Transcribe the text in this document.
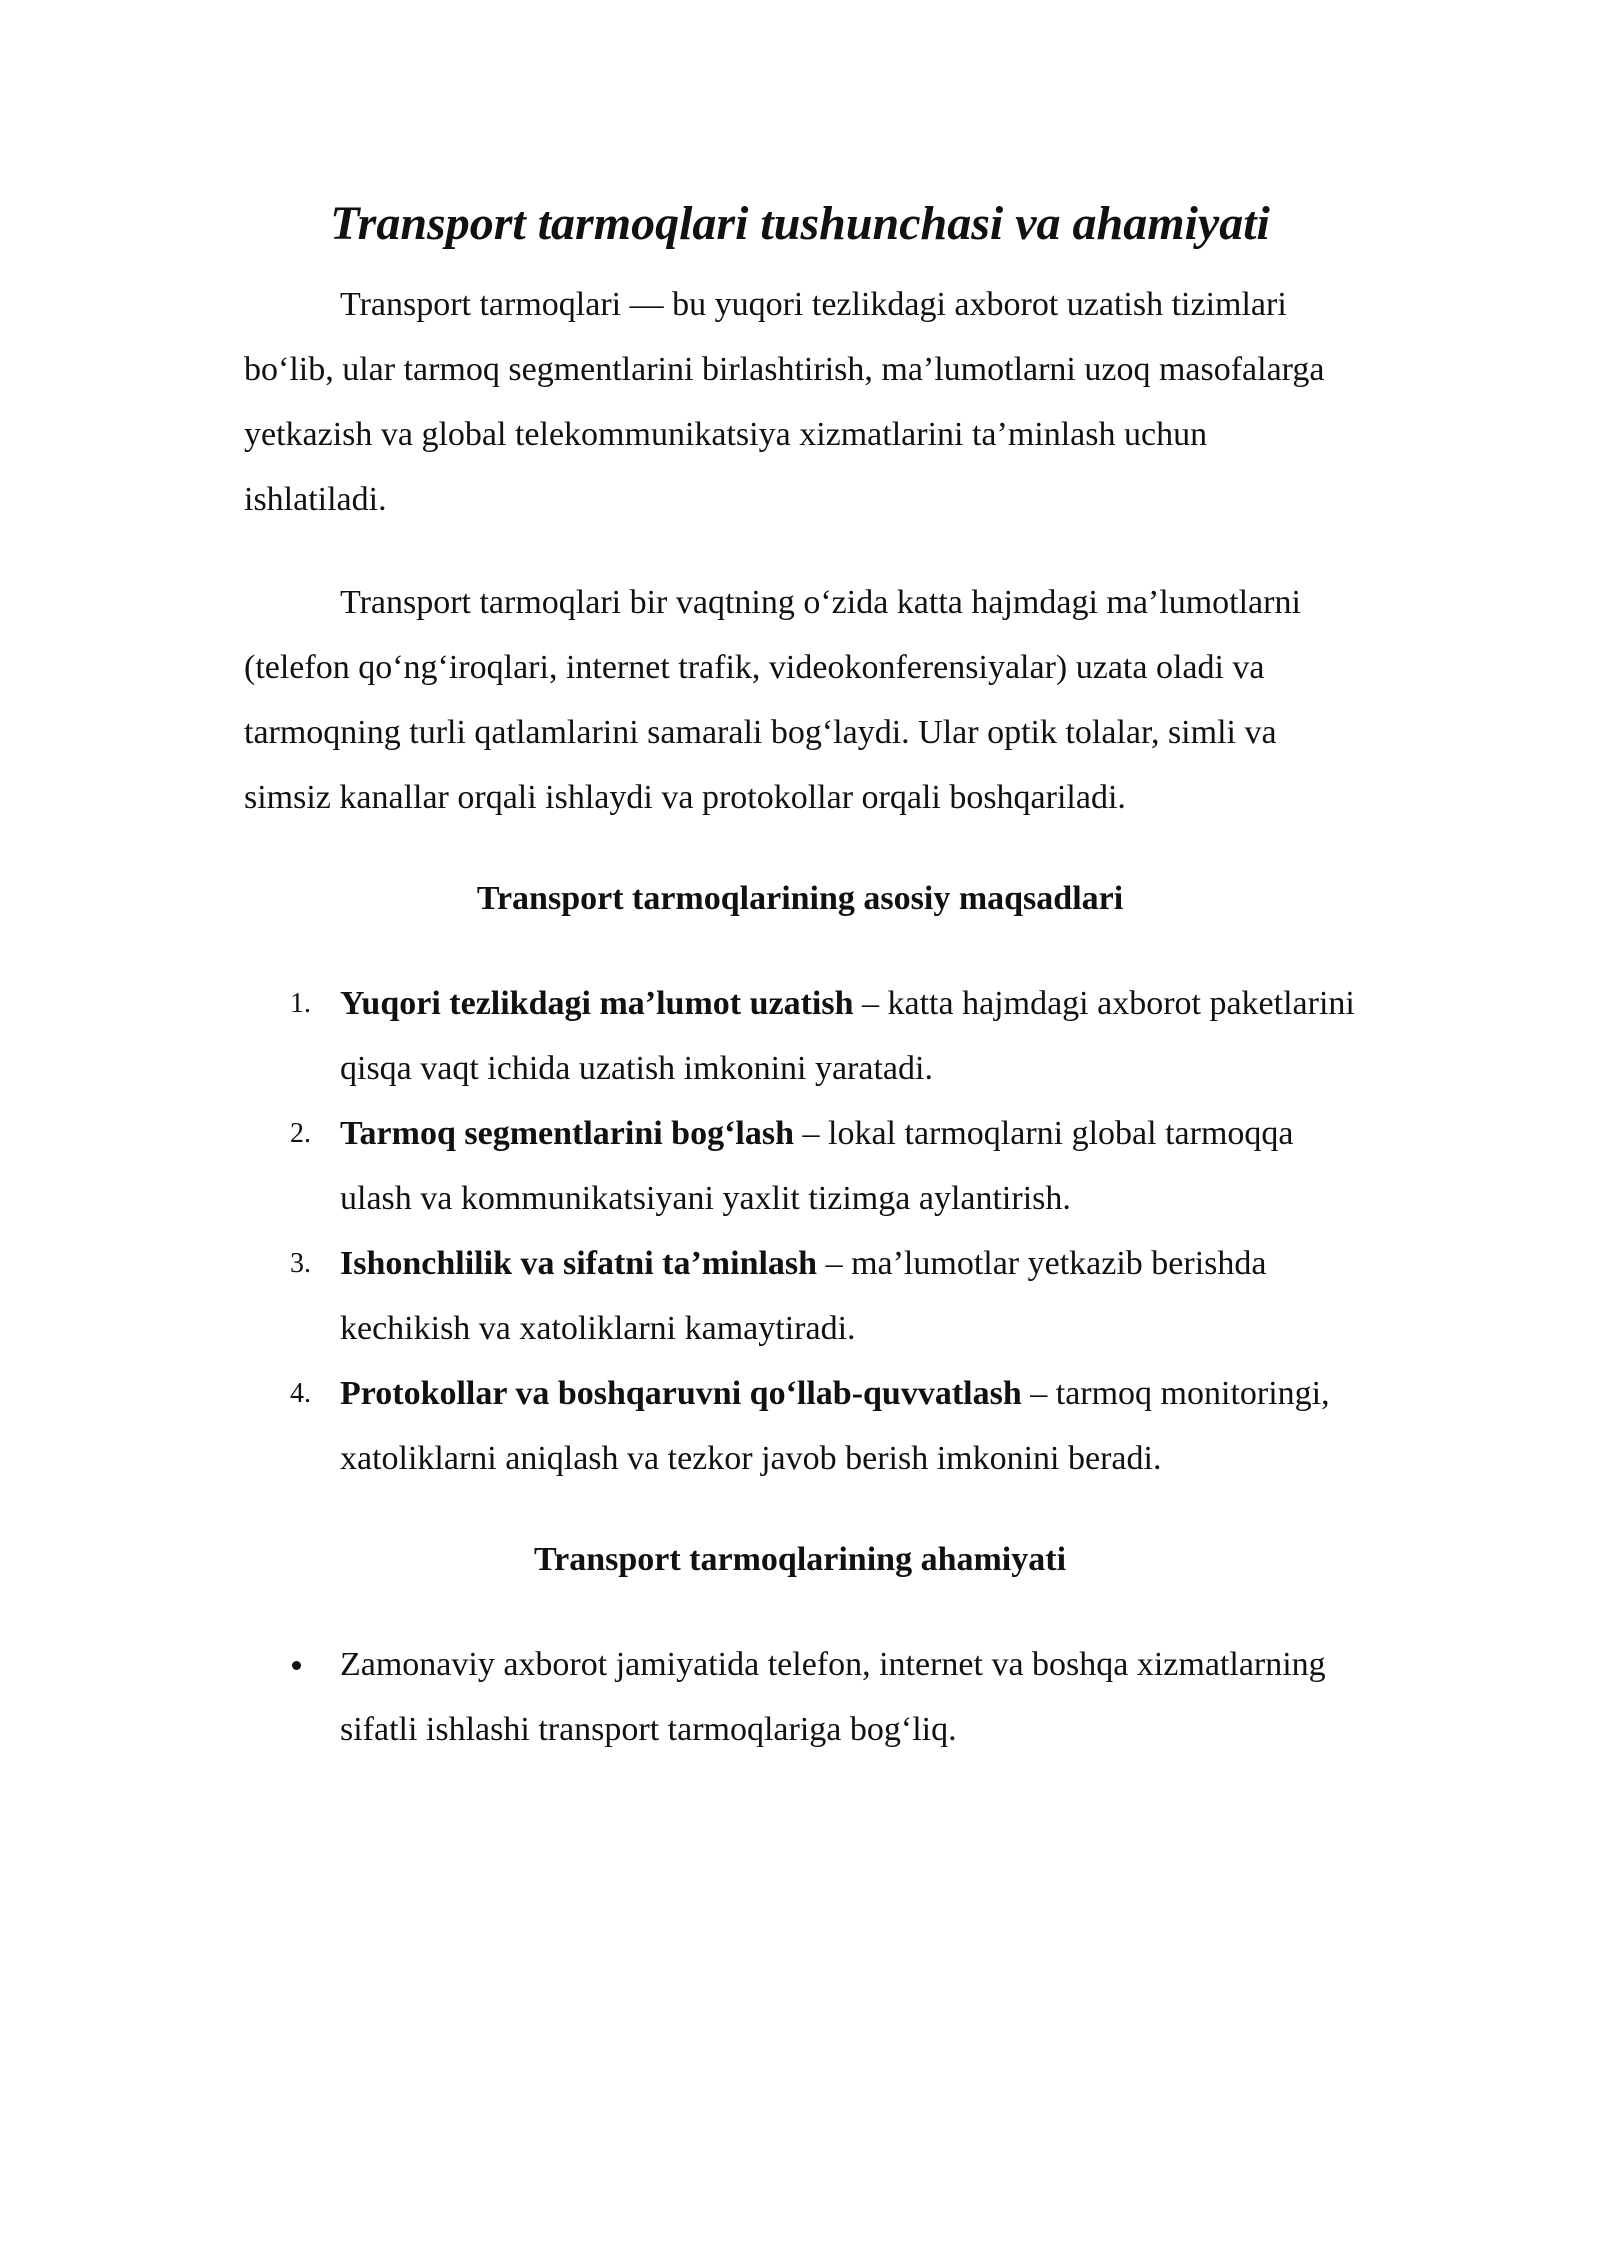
Transport tarmoqlari tushunchasi va ahamiyati

Transport tarmoqlari — bu yuqori tezlikdagi axborot uzatish tizimlari bo‘lib, ular tarmoq segmentlarini birlashtirish, ma’lumotlarni uzoq masofalarga yetkazish va global telekommunikatsiya xizmatlarini ta’minlash uchun ishlatiladi.

Transport tarmoqlari bir vaqtning o‘zida katta hajmdagi ma’lumotlarni (telefon qo‘ng‘iroqlari, internet trafik, videokonferensiyalar) uzata oladi va tarmoqning turli qatlamlarini samarali bog‘laydi. Ular optik tolalar, simli va simsiz kanallar orqali ishlaydi va protokollar orqali boshqariladi.

Transport tarmoqlarining asosiy maqsadlari
1. Yuqori tezlikdagi ma’lumot uzatish – katta hajmdagi axborot paketlarini qisqa vaqt ichida uzatish imkonini yaratadi.
2. Tarmoq segmentlarini bog‘lash – lokal tarmoqlarni global tarmoqqa ulash va kommunikatsiyani yaxlit tizimga aylantirish.
3. Ishonchlilik va sifatni ta’minlash – ma’lumotlar yetkazib berishda kechikish va xatoliklarni kamaytiradi.
4. Protokollar va boshqaruvni qo‘llab-quvvatlash – tarmoq monitoringi, xatoliklarni aniqlash va tezkor javob berish imkonini beradi.
Transport tarmoqlarining ahamiyati
Zamonaviy axborot jamiyatida telefon, internet va boshqa xizmatlarning sifatli ishlashi transport tarmoqlariga bog‘liq.
